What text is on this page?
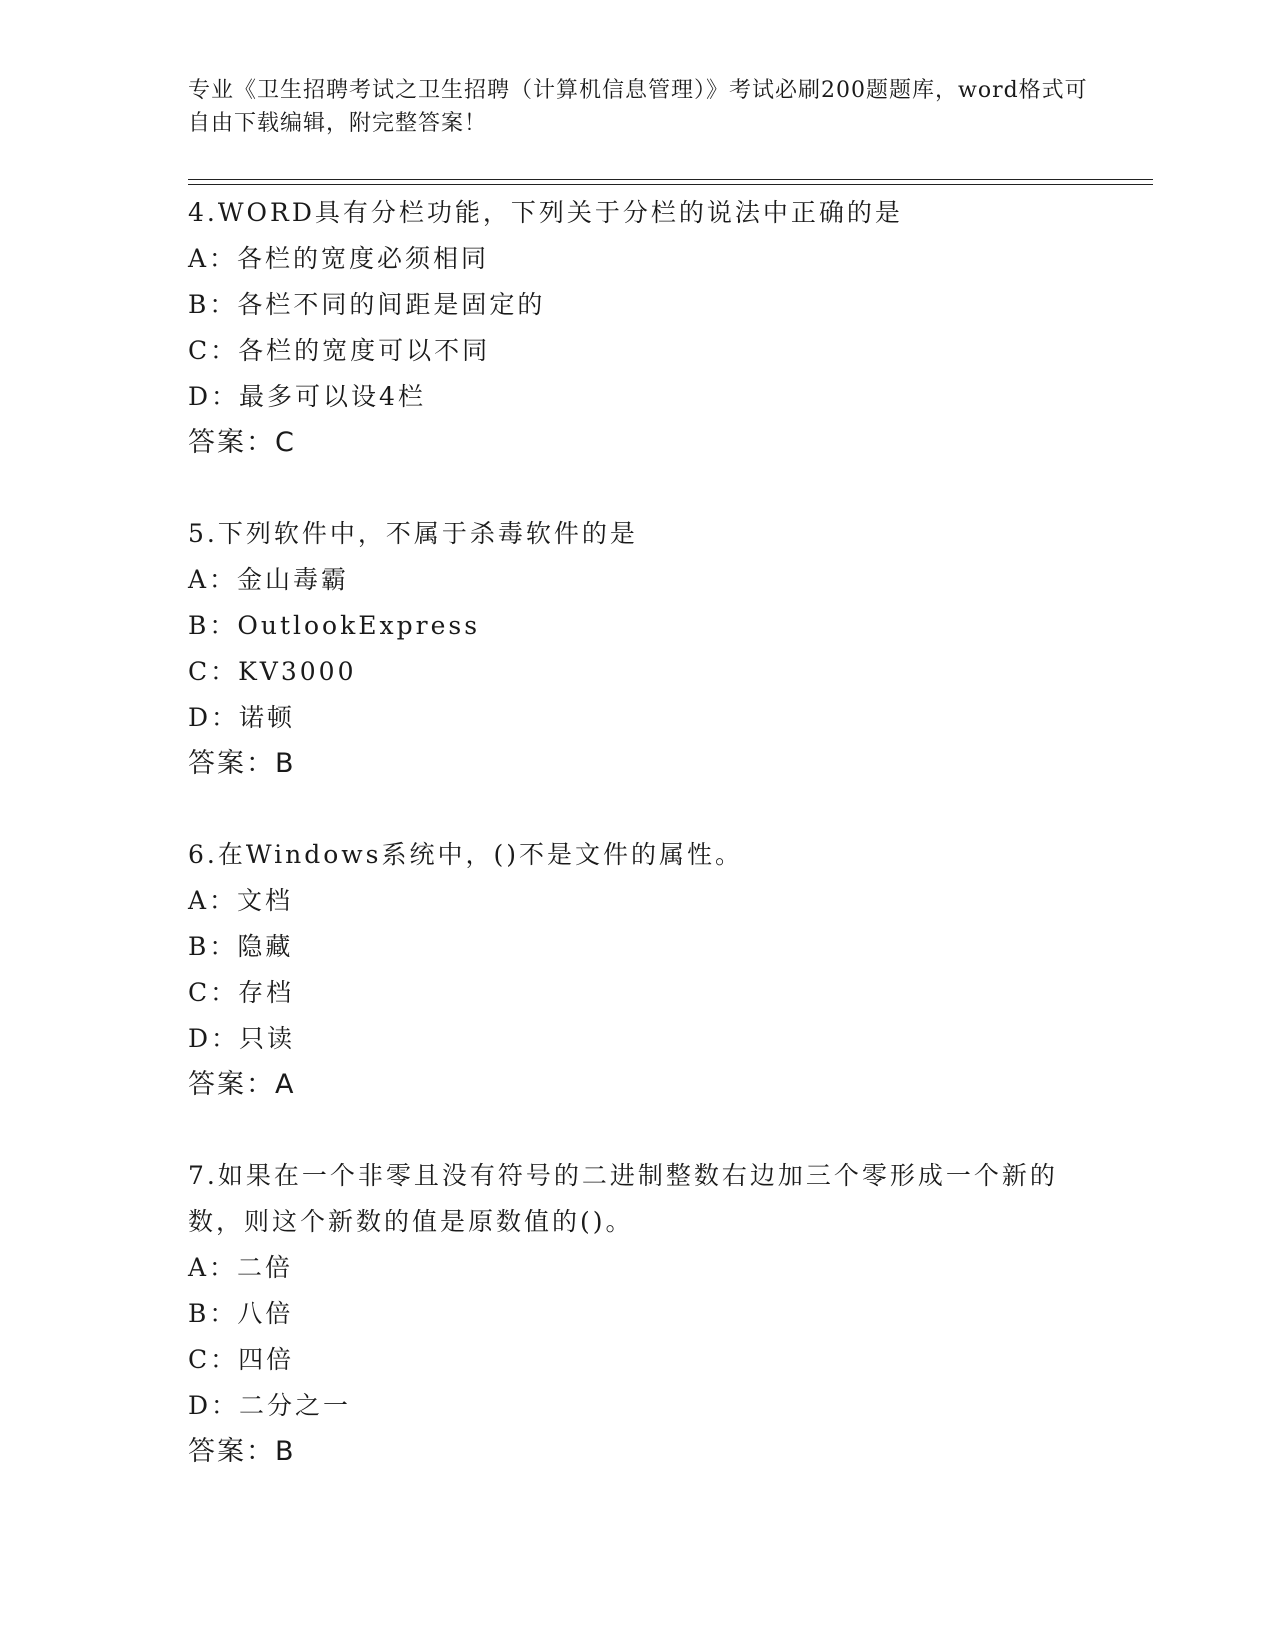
专业《卫生招聘考试之卫生招聘（计算机信息管理）》考试必刷200题题库，word格式可自由下载编辑，附完整答案！
4.WORD具有分栏功能，下列关于分栏的说法中正确的是
A：各栏的宽度必须相同
B：各栏不同的间距是固定的
C：各栏的宽度可以不同
D：最多可以设4栏
答案：C
5.下列软件中，不属于杀毒软件的是
A：金山毒霸
B：OutlookExpress
C：KV3000
D：诺顿
答案：B
6.在Windows系统中，()不是文件的属性。
A：文档
B：隐藏
C：存档
D：只读
答案：A
7.如果在一个非零且没有符号的二进制整数右边加三个零形成一个新的数，则这个新数的值是原数值的()。
A：二倍
B：八倍
C：四倍
D：二分之一
答案：B
